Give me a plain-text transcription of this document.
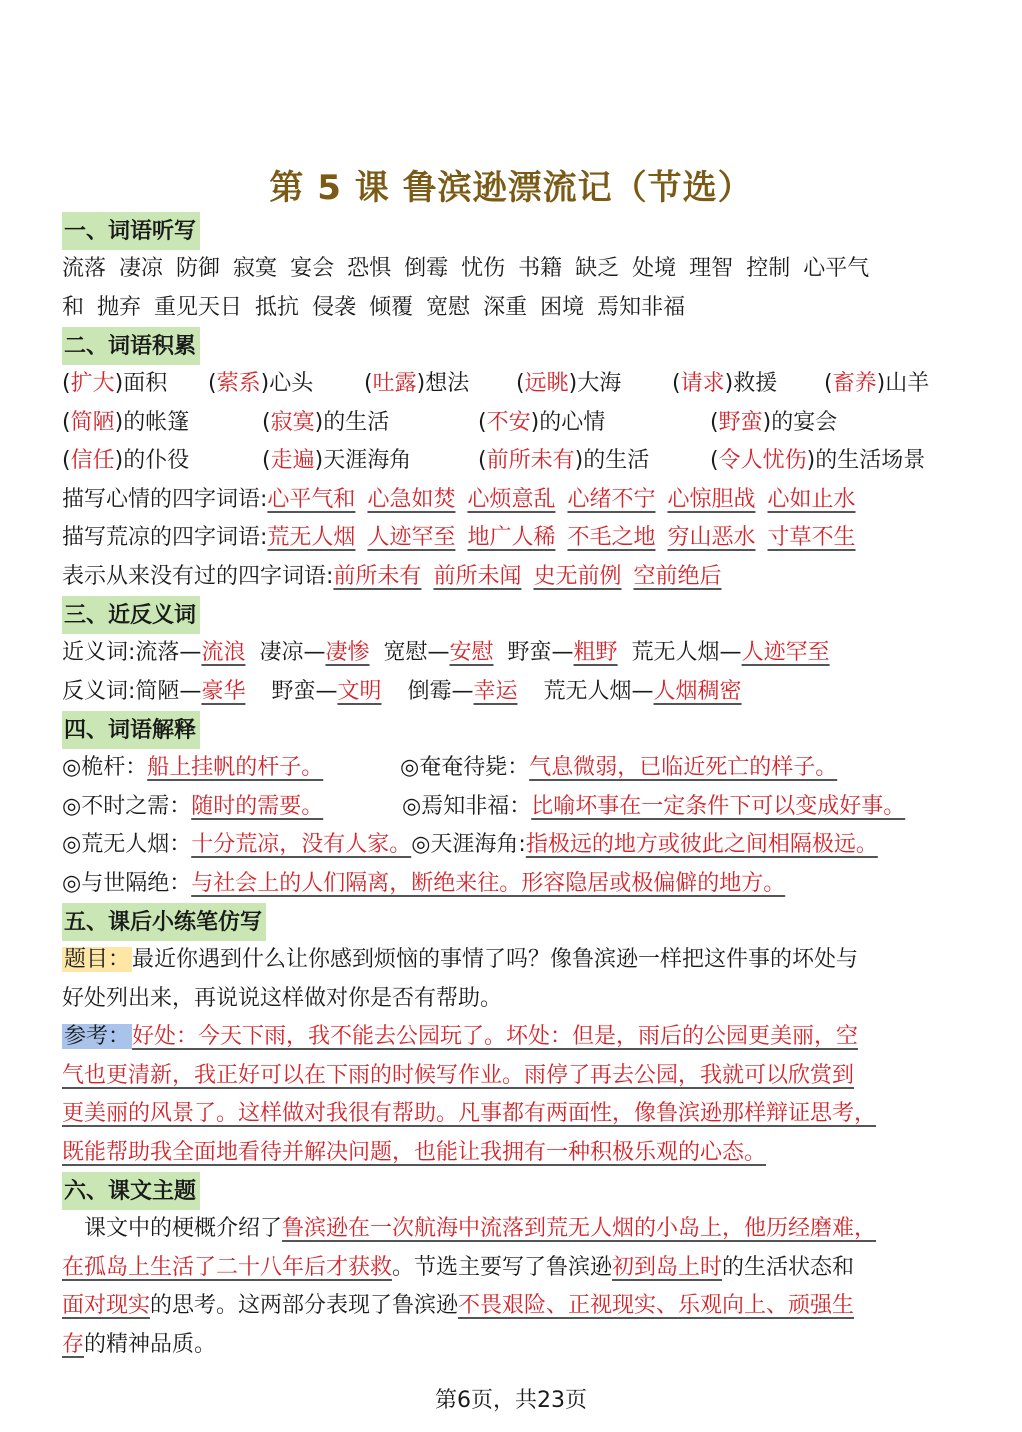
第 5 课 鲁滨逊漂流记（节选）
一、词语听写
流落 凄凉 防御 寂寞 宴会 恐惧 倒霉 忧伤 书籍 缺乏 处境 理智 控制 心平气
和 抛弃 重见天日 抵抗 侵袭 倾覆 宽慰 深重 困境 焉知非福
二、词语积累
(扩大)面积 (萦系)心头 (吐露)想法 (远眺)大海 (请求)救援 (畜养)山羊
(简陋)的帐篷	(寂寞)的生活	(不安)的心情	(野蛮)的宴会
(信任)的仆役	(走遍)天涯海角	(前所未有)的生活	(令人忧伤)的生活场景
描写心情的四字词语:心平气和 心急如焚 心烦意乱 心绪不宁 心惊胆战 心如止水
描写荒凉的四字词语:荒无人烟 人迹罕至 地广人稀 不毛之地 穷山恶水 寸草不生
表示从来没有过的四字词语:前所未有 前所未闻 史无前例 空前绝后
三、近反义词
近义词:流落—流浪 凄凉—凄惨 宽慰—安慰 野蛮—粗野 荒无人烟—人迹罕至
反义词:简陋—豪华 野蛮—文明 倒霉—幸运 荒无人烟—人烟稠密
四、词语解释
◎桅杆：船上挂帆的杆子。	◎奄奄待毙：气息微弱，已临近死亡的样子。
◎不时之需：随时的需要。	◎焉知非福：比喻坏事在一定条件下可以变成好事。
◎荒无人烟：十分荒凉，没有人家。◎天涯海角:指极远的地方或彼此之间相隔极远。
◎与世隔绝：与社会上的人们隔离，断绝来往。形容隐居或极偏僻的地方。
五、课后小练笔仿写
题目：最近你遇到什么让你感到烦恼的事情了吗？像鲁滨逊一样把这件事的坏处与
好处列出来，再说说这样做对你是否有帮助。
参考：好处：今天下雨，我不能去公园玩了。坏处：但是，雨后的公园更美丽，空
气也更清新，我正好可以在下雨的时候写作业。雨停了再去公园，我就可以欣赏到
更美丽的风景了。这样做对我很有帮助。凡事都有两面性，像鲁滨逊那样辩证思考，
既能帮助我全面地看待并解决问题，也能让我拥有一种积极乐观的心态。
六、课文主题
　课文中的梗概介绍了鲁滨逊在一次航海中流落到荒无人烟的小岛上，他历经磨难，
在孤岛上生活了二十八年后才获救。节选主要写了鲁滨逊初到岛上时的生活状态和
面对现实的思考。这两部分表现了鲁滨逊不畏艰险、正视现实、乐观向上、顽强生
存的精神品质。
第6页，共23页
